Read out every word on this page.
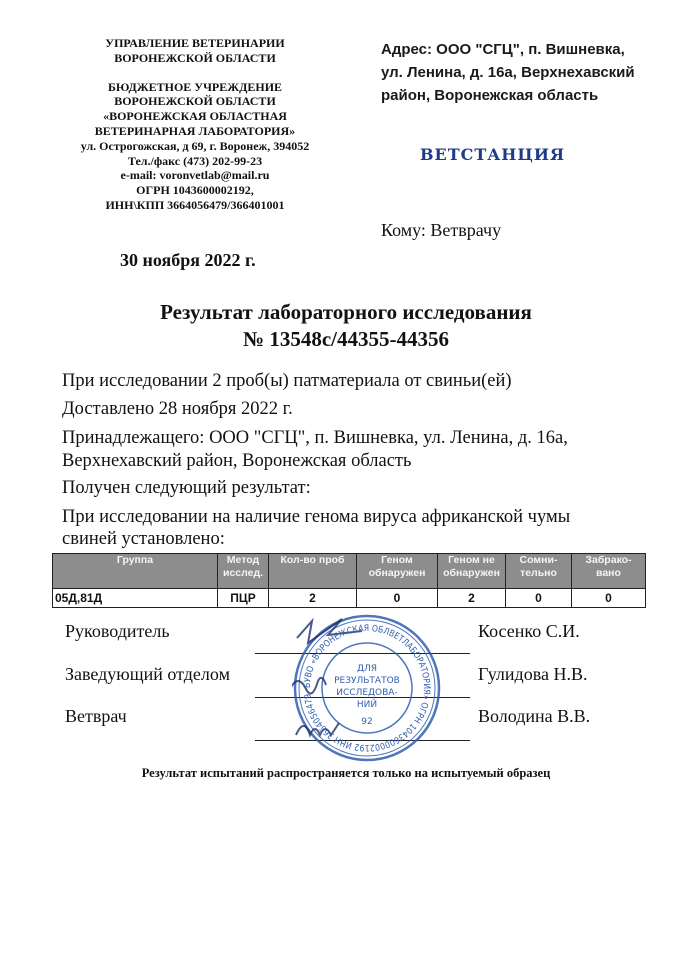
УПРАВЛЕНИЕ ВЕТЕРИНАРИИ
ВОРОНЕЖСКОЙ ОБЛАСТИ
БЮДЖЕТНОЕ УЧРЕЖДЕНИЕ
ВОРОНЕЖСКОЙ ОБЛАСТИ
«ВОРОНЕЖСКАЯ ОБЛАСТНАЯ
ВЕТЕРИНАРНАЯ ЛАБОРАТОРИЯ»
ул. Острогожская, д 69, г. Воронеж, 394052
Тел./факс (473) 202-99-23
e-mail: voronvetlab@mail.ru
ОГРН 1043600002192,
ИНН\КПП 3664056479/366401001
Адрес: ООО "СГЦ", п. Вишневка,
ул. Ленина, д. 16а, Верхнехавский
район, Воронежская область
ВЕТСТАНЦИЯ
Кому: Ветврачу
30 ноября 2022 г.
Результат лабораторного исследования
№ 13548с/44355-44356
При исследовании 2 проб(ы) патматериала от свиньи(ей)
Доставлено 28 ноября 2022 г.
Принадлежащего: ООО "СГЦ", п. Вишневка, ул. Ленина, д. 16а,
Верхнехавский район, Воронежская область
Получен следующий результат:
При исследовании на наличие генома вируса африканской чумы
свиней установлено:
Группа	Метод исслед.	Кол-во проб	Геном обнаружен	Геном не обнаружен	Сомни-тельно	Забрако-вано
05Д,81Д	ПЦР	2	0	2	0	0
Руководитель	Косенко С.И.
Заведующий отделом	Гулидова Н.В.
Ветврач	Володина В.В.
БУВО «ВОРОНЕЖСКАЯ ОБЛВЕТЛАБОРАТОРИЯ» ОГРН 1043600002192 ИНН 3664056479
ДЛЯ
РЕЗУЛЬТАТОВ
ИССЛЕДОВА-
НИЙ
92
Результат испытаний распространяется только на испытуемый образец
